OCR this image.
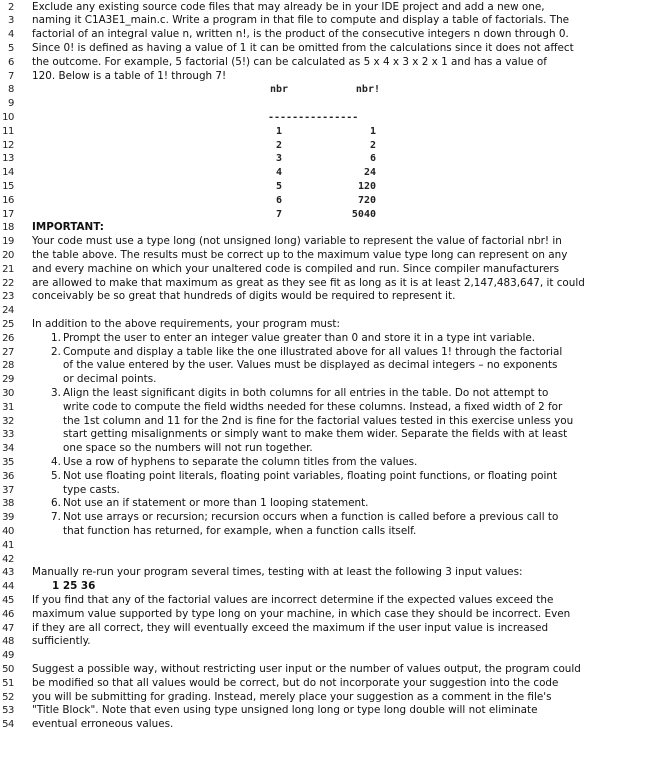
2
3
4
5
6
7
8
9
10
11
12
13
14
15
16
17
18
19
20
21
22
23
24
25
26
27
28
29
30
31
32
33
34
35
36
37
38
39
40
41
42
43
44
45
46
47
48
49
50
51
52
53
54
Exclude any existing source code files that may already be in your IDE project and add a new one,
naming it C1A3E1_main.c. Write a program in that file to compute and display a table of factorials. The
factorial of an integral value n, written n!, is the product of the consecutive integers n down through 0.
Since 0! is defined as having a value of 1 it can be omitted from the calculations since it does not affect
the outcome. For example, 5 factorial (5!) can be calculated as 5 x 4 x 3 x 2 x 1 and has a value of
120. Below is a table of 1! through 7!
nbr	nbr!
---------------
1	1
2	2
3	6
4	24
5	120
6	720
7	5040
IMPORTANT:
Your code must use a type long (not unsigned long) variable to represent the value of factorial nbr! in
the table above. The results must be correct up to the maximum value type long can represent on any
and every machine on which your unaltered code is compiled and run. Since compiler manufacturers
are allowed to make that maximum as great as they see fit as long as it is at least 2,147,483,647, it could
conceivably be so great that hundreds of digits would be required to represent it.
In addition to the above requirements, your program must:
1. Prompt the user to enter an integer value greater than 0 and store it in a type int variable.
2. Compute and display a table like the one illustrated above for all values 1! through the factorial
of the value entered by the user. Values must be displayed as decimal integers – no exponents
or decimal points.
3. Align the least significant digits in both columns for all entries in the table. Do not attempt to
write code to compute the field widths needed for these columns. Instead, a fixed width of 2 for
the 1st column and 11 for the 2nd is fine for the factorial values tested in this exercise unless you
start getting misalignments or simply want to make them wider. Separate the fields with at least
one space so the numbers will not run together.
4. Use a row of hyphens to separate the column titles from the values.
5. Not use floating point literals, floating point variables, floating point functions, or floating point
type casts.
6. Not use an if statement or more than 1 looping statement.
7. Not use arrays or recursion; recursion occurs when a function is called before a previous call to
that function has returned, for example, when a function calls itself.
Manually re-run your program several times, testing with at least the following 3 input values:
1 25 36
If you find that any of the factorial values are incorrect determine if the expected values exceed the
maximum value supported by type long on your machine, in which case they should be incorrect. Even
if they are all correct, they will eventually exceed the maximum if the user input value is increased
sufficiently.
Suggest a possible way, without restricting user input or the number of values output, the program could
be modified so that all values would be correct, but do not incorporate your suggestion into the code
you will be submitting for grading. Instead, merely place your suggestion as a comment in the file's
"Title Block". Note that even using type unsigned long long or type long double will not eliminate
eventual erroneous values.
